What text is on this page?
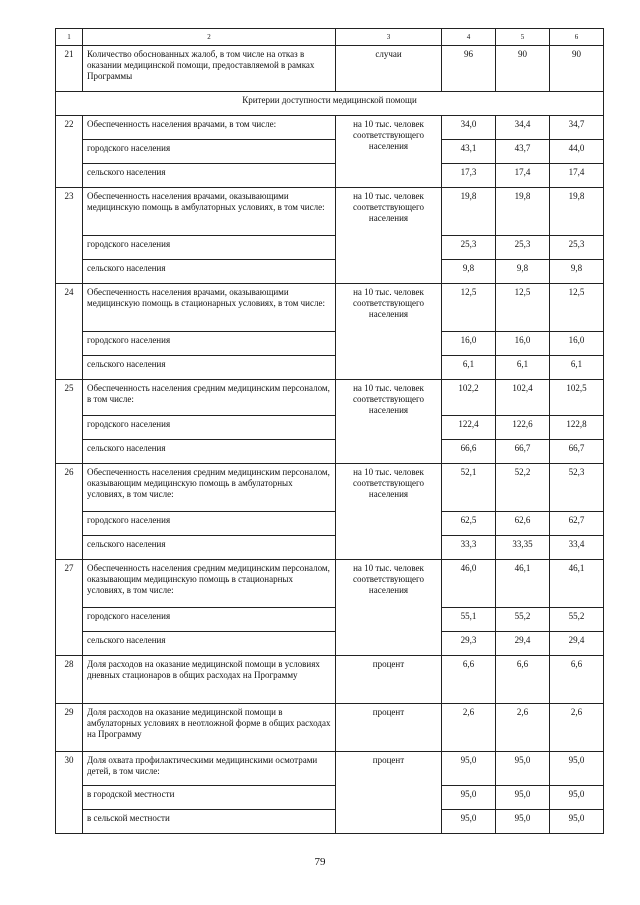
1	2	3	4	5	6
21	Количество обоснованных жалоб, в том числе на отказ в оказании медицинской помощи, предоставляемой в рамках Программы	случаи	96	90	90
Критерии доступности медицинской помощи					
22	Обеспеченность населения врачами, в том числе:	на 10 тыс. человек соответствующего населения	34,0	34,4	34,7
	городского населения		43,1	43,7	44,0
	сельского населения		17,3	17,4	17,4
23	Обеспеченность населения врачами, оказывающими медицинскую помощь в амбулаторных условиях, в том числе:	на 10 тыс. человек соответствующего населения	19,8	19,8	19,8
	городского населения		25,3	25,3	25,3
	сельского населения		9,8	9,8	9,8
24	Обеспеченность населения врачами, оказывающими медицинскую помощь в стационарных условиях, в том числе:	на 10 тыс. человек соответствующего населения	12,5	12,5	12,5
	городского населения		16,0	16,0	16,0
	сельского населения		6,1	6,1	6,1
25	Обеспеченность населения средним медицинским персоналом, в том числе:	на 10 тыс. человек соответствующего населения	102,2	102,4	102,5
	городского населения		122,4	122,6	122,8
	сельского населения		66,6	66,7	66,7
26	Обеспеченность населения средним медицинским персоналом, оказывающим медицинскую помощь в амбулаторных условиях, в том числе:	на 10 тыс. человек соответствующего населения	52,1	52,2	52,3
	городского населения		62,5	62,6	62,7
	сельского населения		33,3	33,35	33,4
27	Обеспеченность населения средним медицинским персоналом, оказывающим медицинскую помощь в стационарных условиях, в том числе:	на 10 тыс. человек соответствующего населения	46,0	46,1	46,1
	городского населения		55,1	55,2	55,2
	сельского населения		29,3	29,4	29,4
28	Доля расходов на оказание медицинской помощи в условиях дневных стационаров в общих расходах на Программу	процент	6,6	6,6	6,6
29	Доля расходов на оказание медицинской помощи в амбулаторных условиях в неотложной форме в общих расходах на Программу	процент	2,6	2,6	2,6
30	Доля охвата профилактическими медицинскими осмотрами детей, в том числе:	процент	95,0	95,0	95,0
	в городской местности		95,0	95,0	95,0
	в сельской местности		95,0	95,0	95,0
79
